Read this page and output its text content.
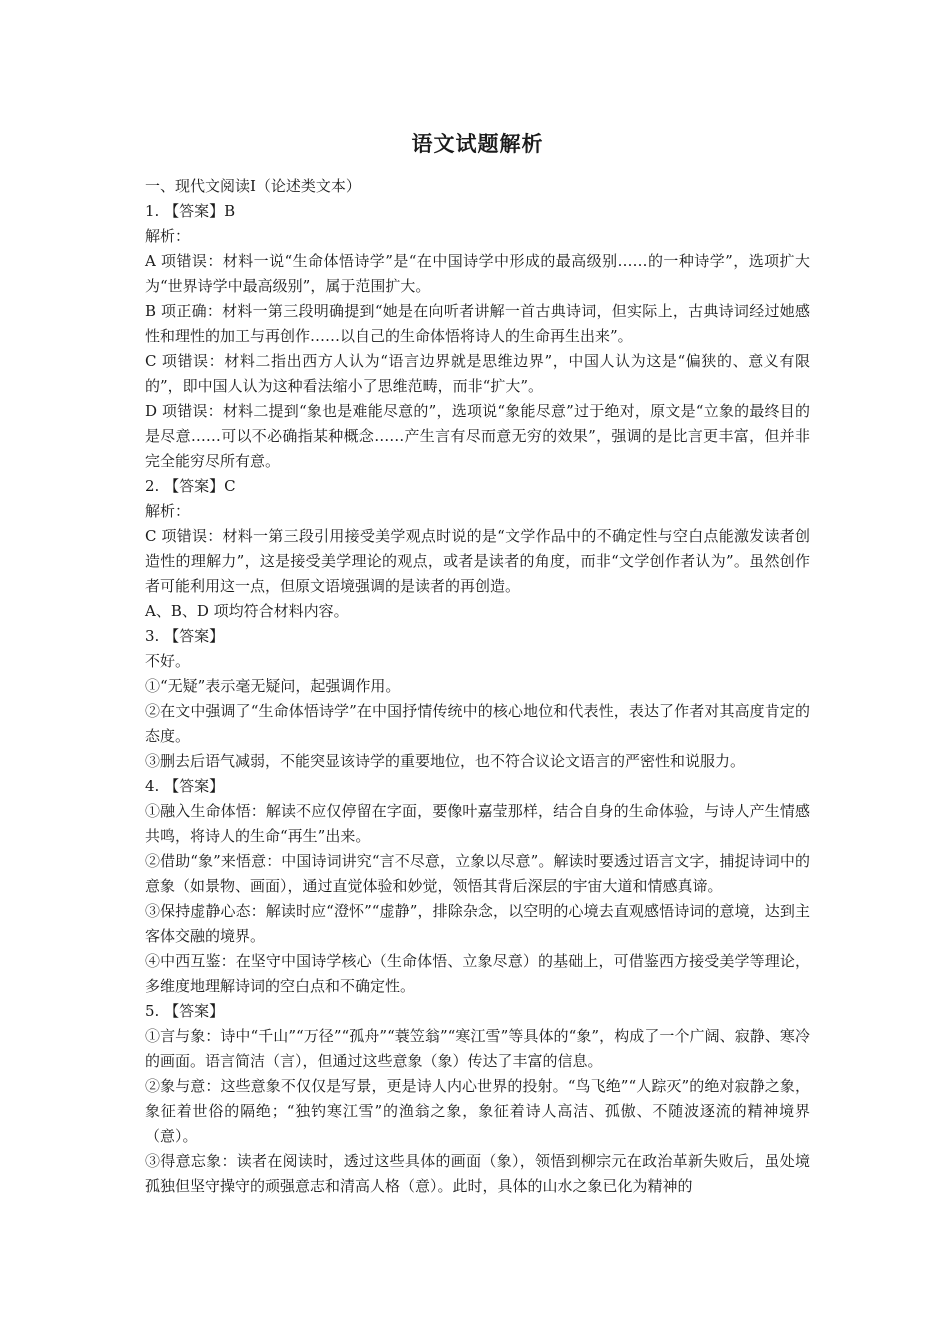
语文试题解析

一、现代文阅读I（论述类文本）

1. 【答案】B

解析：

A 项错误：材料一说“生命体悟诗学”是“在中国诗学中形成的最高级别……的一种诗学”，选项扩大为“世界诗学中最高级别”，属于范围扩大。

B 项正确：材料一第三段明确提到“她是在向听者讲解一首古典诗词，但实际上，古典诗词经过她感性和理性的加工与再创作……以自己的生命体悟将诗人的生命再生出来”。

C 项错误：材料二指出西方人认为“语言边界就是思维边界”，中国人认为这是“偏狭的、意义有限的”，即中国人认为这种看法缩小了思维范畴，而非“扩大”。

D 项错误：材料二提到“象也是难能尽意的”，选项说“象能尽意”过于绝对，原文是“立象的最终目的是尽意……可以不必确指某种概念……产生言有尽而意无穷的效果”，强调的是比言更丰富，但并非完全能穷尽所有意。

2. 【答案】C

解析：

C 项错误：材料一第三段引用接受美学观点时说的是“文学作品中的不确定性与空白点能激发读者创造性的理解力”，这是接受美学理论的观点，或者是读者的角度，而非“文学创作者认为”。虽然创作者可能利用这一点，但原文语境强调的是读者的再创造。

A、B、D 项均符合材料内容。

3. 【答案】

不好。

①“无疑”表示毫无疑问，起强调作用。

②在文中强调了“生命体悟诗学”在中国抒情传统中的核心地位和代表性，表达了作者对其高度肯定的态度。

③删去后语气减弱，不能突显该诗学的重要地位，也不符合议论文语言的严密性和说服力。

4. 【答案】

①融入生命体悟：解读不应仅停留在字面，要像叶嘉莹那样，结合自身的生命体验，与诗人产生情感共鸣，将诗人的生命“再生”出来。

②借助“象”来悟意：中国诗词讲究“言不尽意，立象以尽意”。解读时要透过语言文字，捕捉诗词中的意象（如景物、画面），通过直觉体验和妙觉，领悟其背后深层的宇宙大道和情感真谛。

③保持虚静心态：解读时应“澄怀”“虚静”，排除杂念，以空明的心境去直观感悟诗词的意境，达到主客体交融的境界。

④中西互鉴：在坚守中国诗学核心（生命体悟、立象尽意）的基础上，可借鉴西方接受美学等理论，多维度地理解诗词的空白点和不确定性。

5. 【答案】

①言与象：诗中“千山”“万径”“孤舟”“蓑笠翁”“寒江雪”等具体的“象”，构成了一个广阔、寂静、寒冷的画面。语言简洁（言），但通过这些意象（象）传达了丰富的信息。

②象与意：这些意象不仅仅是写景，更是诗人内心世界的投射。“鸟飞绝”“人踪灭”的绝对寂静之象，象征着世俗的隔绝；“独钓寒江雪”的渔翁之象，象征着诗人高洁、孤傲、不随波逐流的精神境界（意）。

③得意忘象：读者在阅读时，透过这些具体的画面（象），领悟到柳宗元在政治革新失败后，虽处境孤独但坚守操守的顽强意志和清高人格（意）。此时，具体的山水之象已化为精神的
